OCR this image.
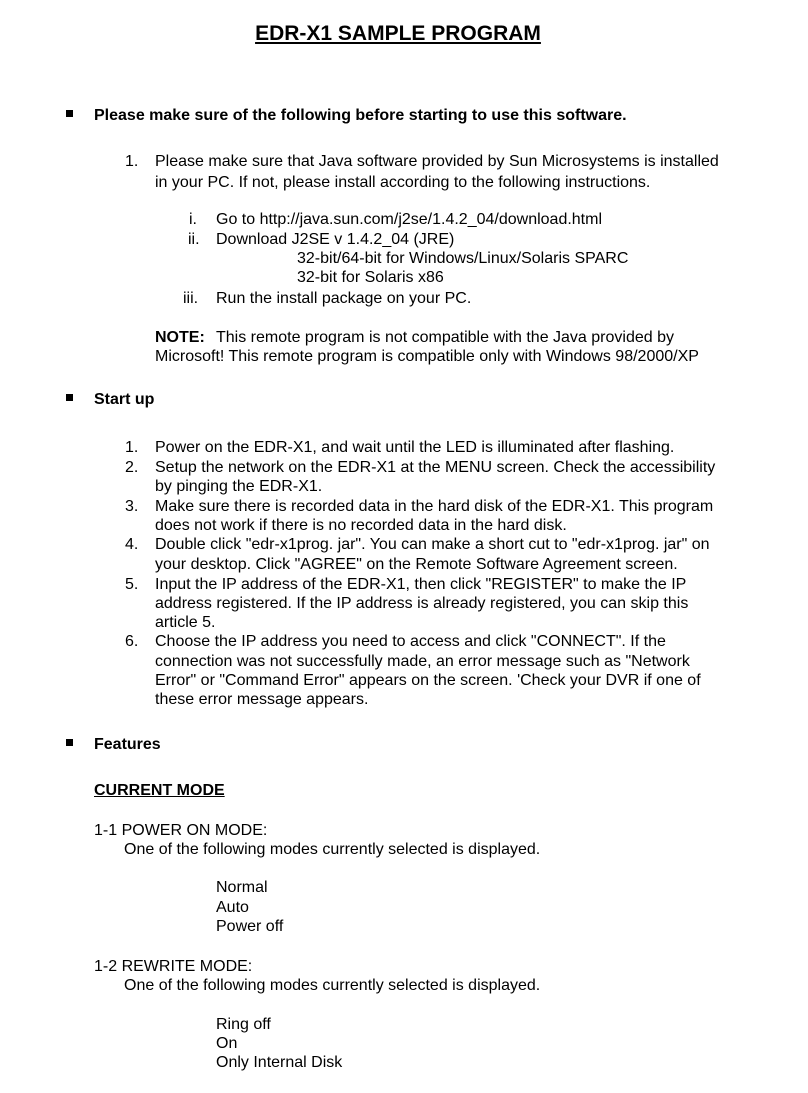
EDR-X1 SAMPLE PROGRAM
Please make sure of the following before starting to use this software.
1. Please make sure that Java software provided by Sun Microsystems is installed
in your PC. If not, please install according to the following instructions.
i. Go to http://java.sun.com/j2se/1.4.2_04/download.html
ii. Download J2SE v 1.4.2_04 (JRE)
32-bit/64-bit for Windows/Linux/Solaris SPARC
32-bit for Solaris x86
iii. Run the install package on your PC.
NOTE: This remote program is not compatible with the Java provided by
Microsoft! This remote program is compatible only with Windows 98/2000/XP
Start up
1. Power on the EDR-X1, and wait until the LED is illuminated after flashing.
2. Setup the network on the EDR-X1 at the MENU screen. Check the accessibility
by pinging the EDR-X1.
3. Make sure there is recorded data in the hard disk of the EDR-X1. This program
does not work if there is no recorded data in the hard disk.
4. Double click "edr-x1prog. jar". You can make a short cut to "edr-x1prog. jar" on
your desktop. Click "AGREE" on the Remote Software Agreement screen.
5. Input the IP address of the EDR-X1, then click "REGISTER" to make the IP
address registered. If the IP address is already registered, you can skip this
article 5.
6. Choose the IP address you need to access and click "CONNECT". If the
connection was not successfully made, an error message such as "Network
Error" or "Command Error" appears on the screen. 'Check your DVR if one of
these error message appears.
Features
CURRENT MODE
1-1 POWER ON MODE:
One of the following modes currently selected is displayed.
Normal
Auto
Power off
1-2 REWRITE MODE:
One of the following modes currently selected is displayed.
Ring off
On
Only Internal Disk
